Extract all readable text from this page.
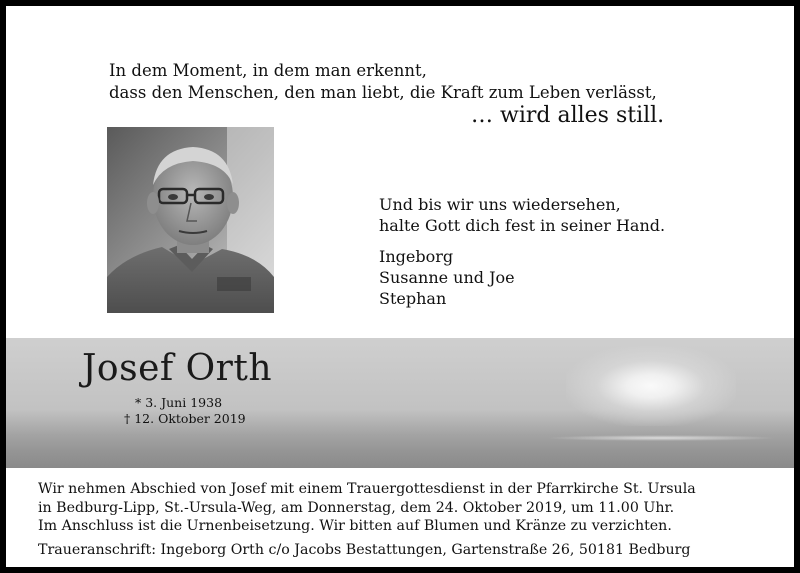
In dem Moment, in dem man erkennt,
dass den Menschen, den man liebt, die Kraft zum Leben verlässt,
… wird alles still.
Und bis wir uns wiedersehen,
halte Gott dich fest in seiner Hand.
Ingeborg
Susanne und Joe
Stephan
Josef Orth
* 3. Juni 1938
† 12. Oktober 2019
Wir nehmen Abschied von Josef mit einem Trauergottesdienst in der Pfarrkirche St. Ursula
in Bedburg-Lipp, St.-Ursula-Weg, am Donnerstag, dem 24. Oktober 2019, um 11.00 Uhr.
Im Anschluss ist die Urnenbeisetzung. Wir bitten auf Blumen und Kränze zu verzichten.
Traueranschrift: Ingeborg Orth c/o Jacobs Bestattungen, Gartenstraße 26, 50181 Bedburg
